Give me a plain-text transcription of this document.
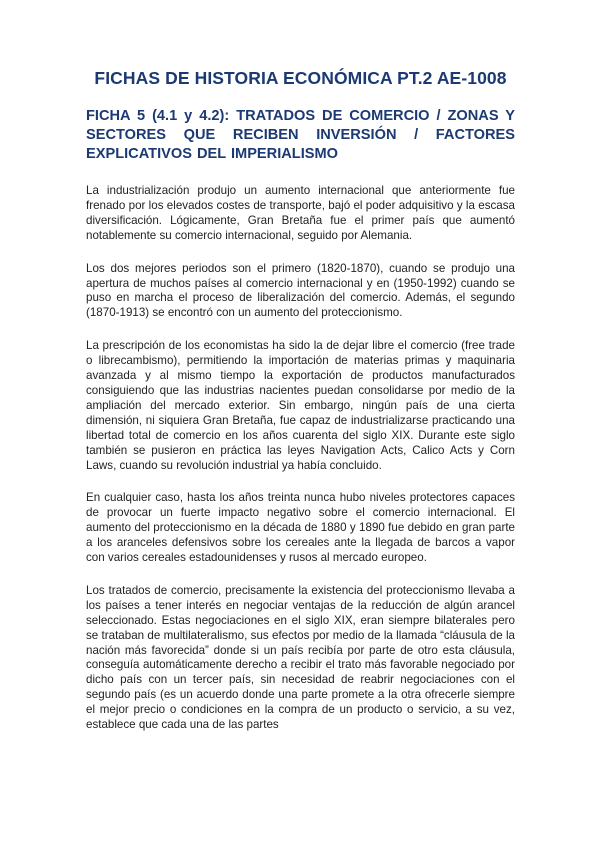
FICHAS DE HISTORIA ECONÓMICA PT.2 AE-1008
FICHA 5 (4.1 y 4.2): TRATADOS DE COMERCIO / ZONAS Y SECTORES QUE RECIBEN INVERSIÓN / FACTORES EXPLICATIVOS DEL IMPERIALISMO

La industrialización produjo un aumento internacional que anteriormente fue frenado por los elevados costes de transporte, bajó el poder adquisitivo y la escasa diversificación. Lógicamente, Gran Bretaña fue el primer país que aumentó notablemente su comercio internacional, seguido por Alemania.

Los dos mejores periodos son el primero (1820-1870), cuando se produjo una apertura de muchos países al comercio internacional y en (1950-1992) cuando se puso en marcha el proceso de liberalización del comercio. Además, el segundo (1870-1913) se encontró con un aumento del proteccionismo.

La prescripción de los economistas ha sido la de dejar libre el comercio (free trade o librecambismo), permitiendo la importación de materias primas y maquinaria avanzada y al mismo tiempo la exportación de productos manufacturados consiguiendo que las industrias nacientes puedan consolidarse por medio de la ampliación del mercado exterior. Sin embargo, ningún país de una cierta dimensión, ni siquiera Gran Bretaña, fue capaz de industrializarse practicando una libertad total de comercio en los años cuarenta del siglo XIX. Durante este siglo también se pusieron en práctica las leyes Navigation Acts, Calico Acts y Corn Laws, cuando su revolución industrial ya había concluido.

En cualquier caso, hasta los años treinta nunca hubo niveles protectores capaces de provocar un fuerte impacto negativo sobre el comercio internacional. El aumento del proteccionismo en la década de 1880 y 1890 fue debido en gran parte a los aranceles defensivos sobre los cereales ante la llegada de barcos a vapor con varios cereales estadounidenses y rusos al mercado europeo.

Los tratados de comercio, precisamente la existencia del proteccionismo llevaba a los países a tener interés en negociar ventajas de la reducción de algún arancel seleccionado. Estas negociaciones en el siglo XIX, eran siempre bilaterales pero se trataban de multilateralismo, sus efectos por medio de la llamada “cláusula de la nación más favorecida” donde si un país recibía por parte de otro esta cláusula, conseguía automáticamente derecho a recibir el trato más favorable negociado por dicho país con un tercer país, sin necesidad de reabrir negociaciones con el segundo país (es un acuerdo donde una parte promete a la otra ofrecerle siempre el mejor precio o condiciones en la compra de un producto o servicio, a su vez, establece que cada una de las partes
